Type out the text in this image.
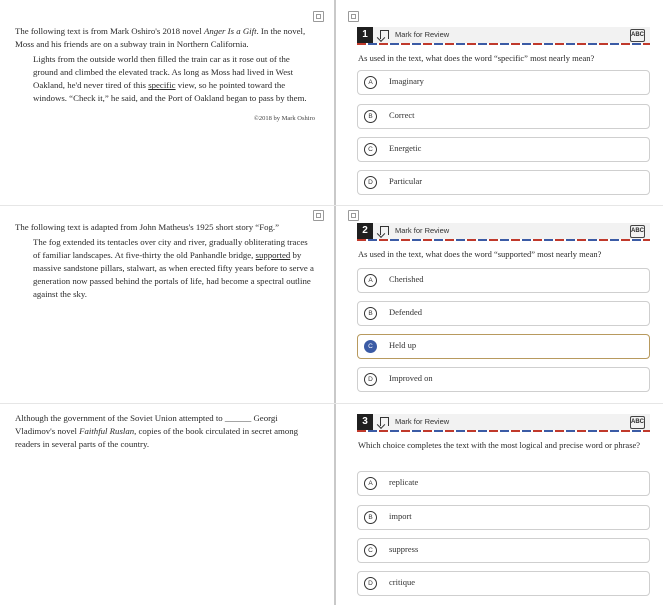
The following text is from Mark Oshiro's 2018 novel Anger Is a Gift. In the novel, Moss and his friends are on a subway train in Northern California.

Lights from the outside world then filled the train car as it rose out of the ground and climbed the elevated track. As long as Moss had lived in West Oakland, he'd never tired of this specific view, so he pointed toward the windows. “Check it,” he said, and the Port of Oakland began to pass by them.

©2018 by Mark Oshiro
1	Mark for Review	ABC
As used in the text, what does the word “specific” most nearly mean?
A	Imaginary
B	Correct
C	Energetic
D	Particular

The following text is adapted from John Matheus's 1925 short story “Fog.”

The fog extended its tentacles over city and river, gradually obliterating traces of familiar landscapes. At five-thirty the old Panhandle bridge, supported by massive sandstone pillars, stalwart, as when erected fifty years before to serve a generation now passed behind the portals of life, had become a spectral outline against the sky.

2	Mark for Review	ABC
As used in the text, what does the word “supported” most nearly mean?
A	Cherished
B	Defended
C	Held up
D	Improved on

Although the government of the Soviet Union attempted to ______ Georgi Vladimov's novel Faithful Ruslan, copies of the book circulated in secret among readers in several parts of the country.

3	Mark for Review	ABC
Which choice completes the text with the most logical and precise word or phrase?
A	replicate
B	import
C	suppress
D	critique
